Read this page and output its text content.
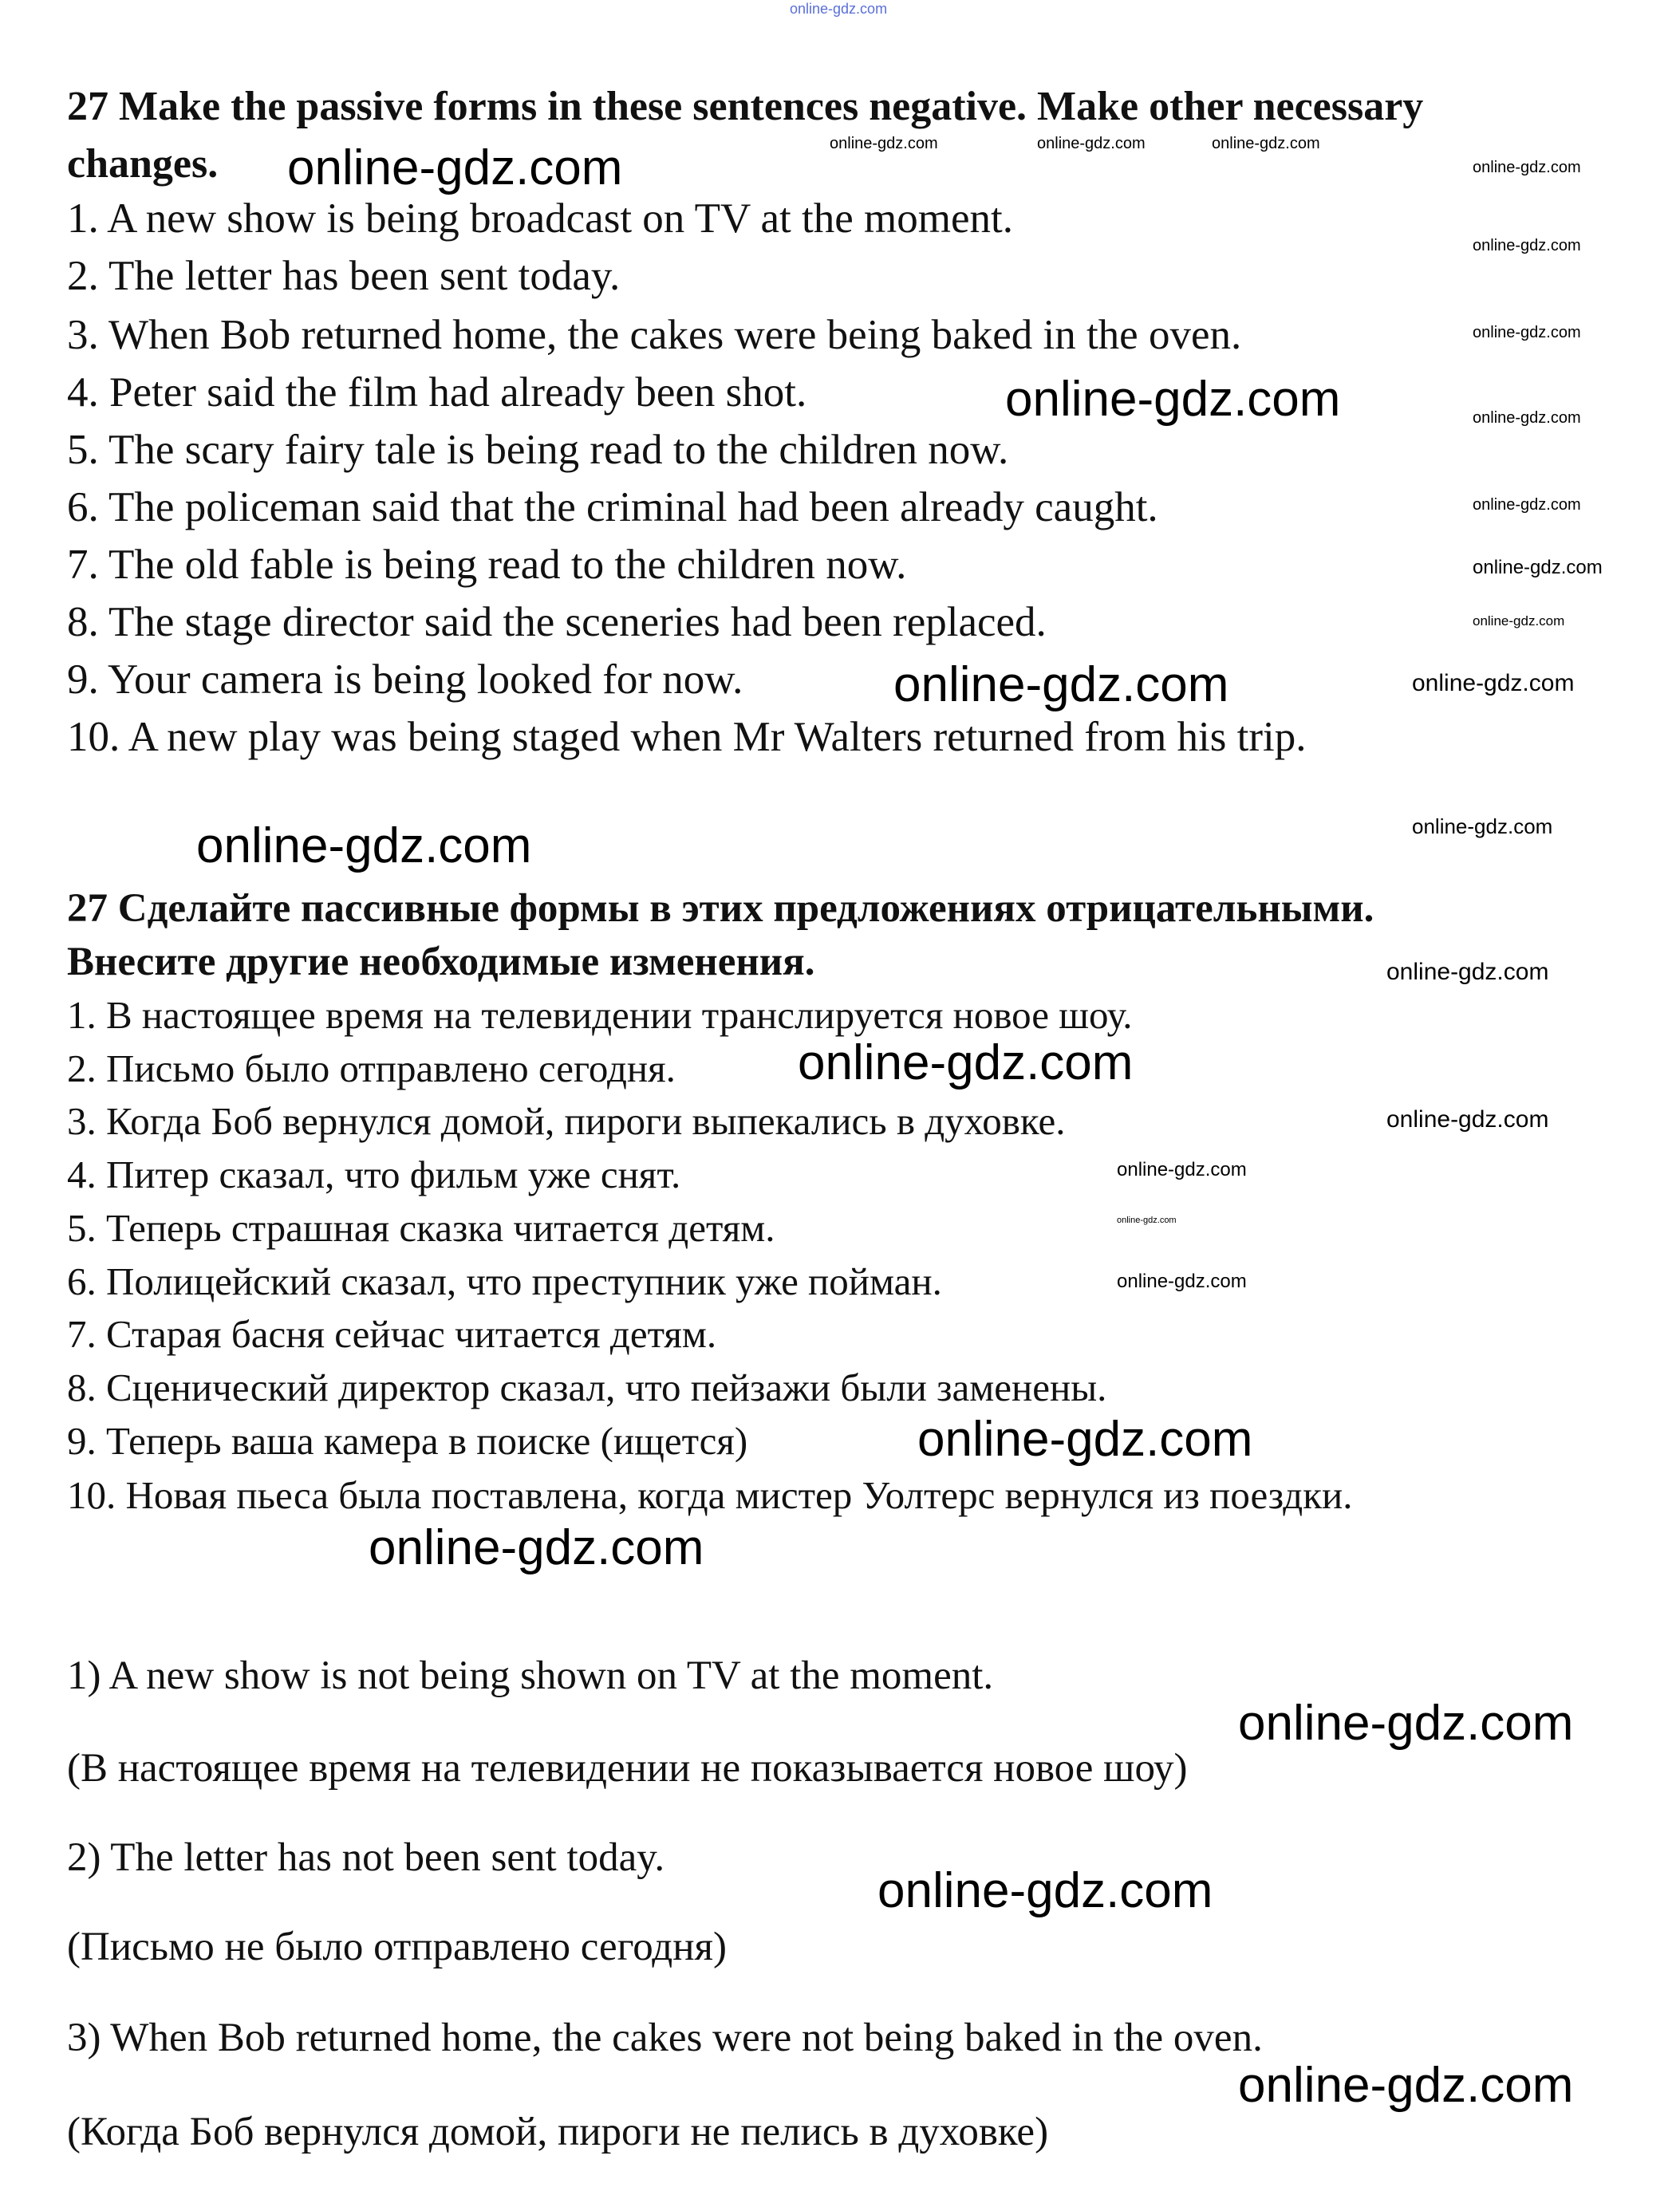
27 Make the passive forms in these sentences negative. Make other necessary
changes.
1. A new show is being broadcast on TV at the moment.
2. The letter has been sent today.
3. When Bob returned home, the cakes were being baked in the oven.
4. Peter said the film had already been shot.
5. The scary fairy tale is being read to the children now.
6. The policeman said that the criminal had been already caught.
7. The old fable is being read to the children now.
8. The stage director said the sceneries had been replaced.
9. Your camera is being looked for now.
10. A new play was being staged when Mr Walters returned from his trip.
27 Сделайте пассивные формы в этих предложениях отрицательными.
Внесите другие необходимые изменения.
1. В настоящее время на телевидении транслируется новое шоу.
2. Письмо было отправлено сегодня.
3. Когда Боб вернулся домой, пироги выпекались в духовке.
4. Питер сказал, что фильм уже снят.
5. Теперь страшная сказка читается детям.
6. Полицейский сказал, что преступник уже пойман.
7. Старая басня сейчас читается детям.
8. Сценический директор сказал, что пейзажи были заменены.
9. Теперь ваша камера в поиске (ищется)
10. Новая пьеса была поставлена, когда мистер Уолтерс вернулся из поездки.
1) A new show is not being shown on TV at the moment.
(В настоящее время на телевидении не показывается новое шоу)
2) The letter has not been sent today.
(Письмо не было отправлено сегодня)
3) When Bob returned home, the cakes were not being baked in the oven.
(Когда Боб вернулся домой, пироги не пелись в духовке)
online-gdz.com
online-gdz.com	online-gdz.com	online-gdz.com
online-gdz.com
online-gdz.com
online-gdz.com
online-gdz.com
online-gdz.com
online-gdz.com
online-gdz.com
online-gdz.com
online-gdz.com
online-gdz.com	online-gdz.com
online-gdz.com
online-gdz.com
online-gdz.com
online-gdz.com
online-gdz.com
online-gdz.com
online-gdz.com
online-gdz.com
online-gdz.com
online-gdz.com
online-gdz.com
online-gdz.com
online-gdz.com
